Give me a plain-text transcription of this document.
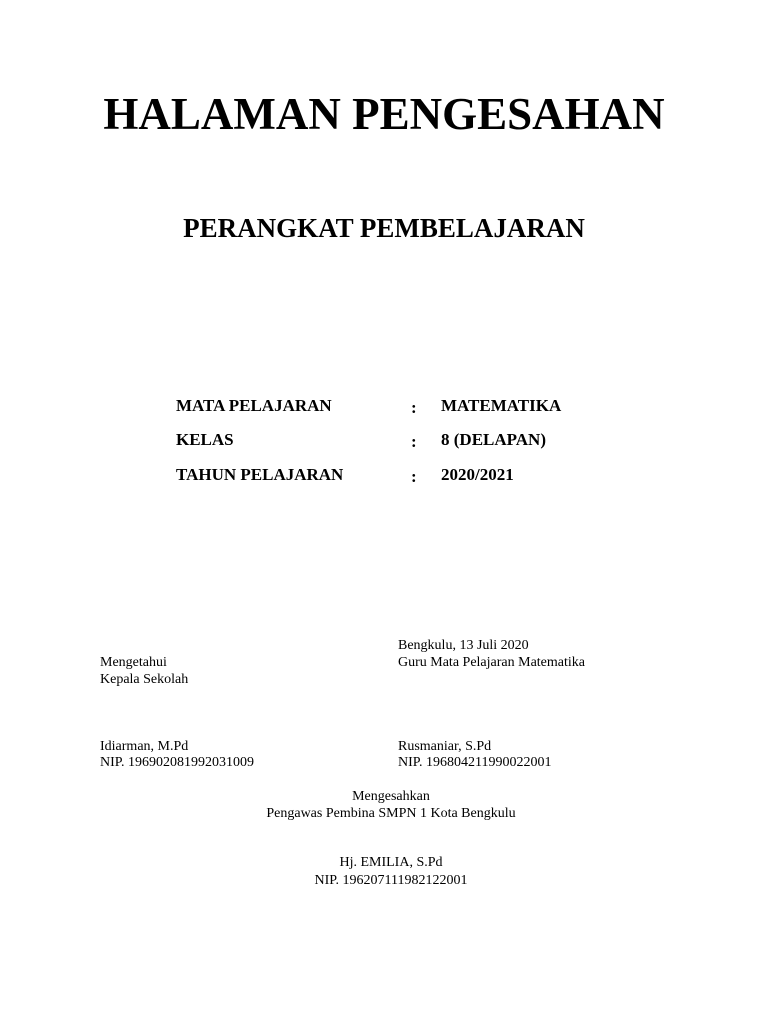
HALAMAN PENGESAHAN
PERANGKAT PEMBELAJARAN
MATA PELAJARAN	: MATEMATIKA
KELAS	: 8 (DELAPAN)
TAHUN PELAJARAN	: 2020/2021
Bengkulu, 13 Juli 2020
Mengetahui
Kepala Sekolah
Idiarman, M.Pd
NIP. 196902081992031009
Guru Mata Pelajaran Matematika
Rusmaniar, S.Pd
NIP. 196804211990022001
Mengesahkan
Pengawas Pembina SMPN 1 Kota Bengkulu
Hj. EMILIA, S.Pd
NIP. 196207111982122001
